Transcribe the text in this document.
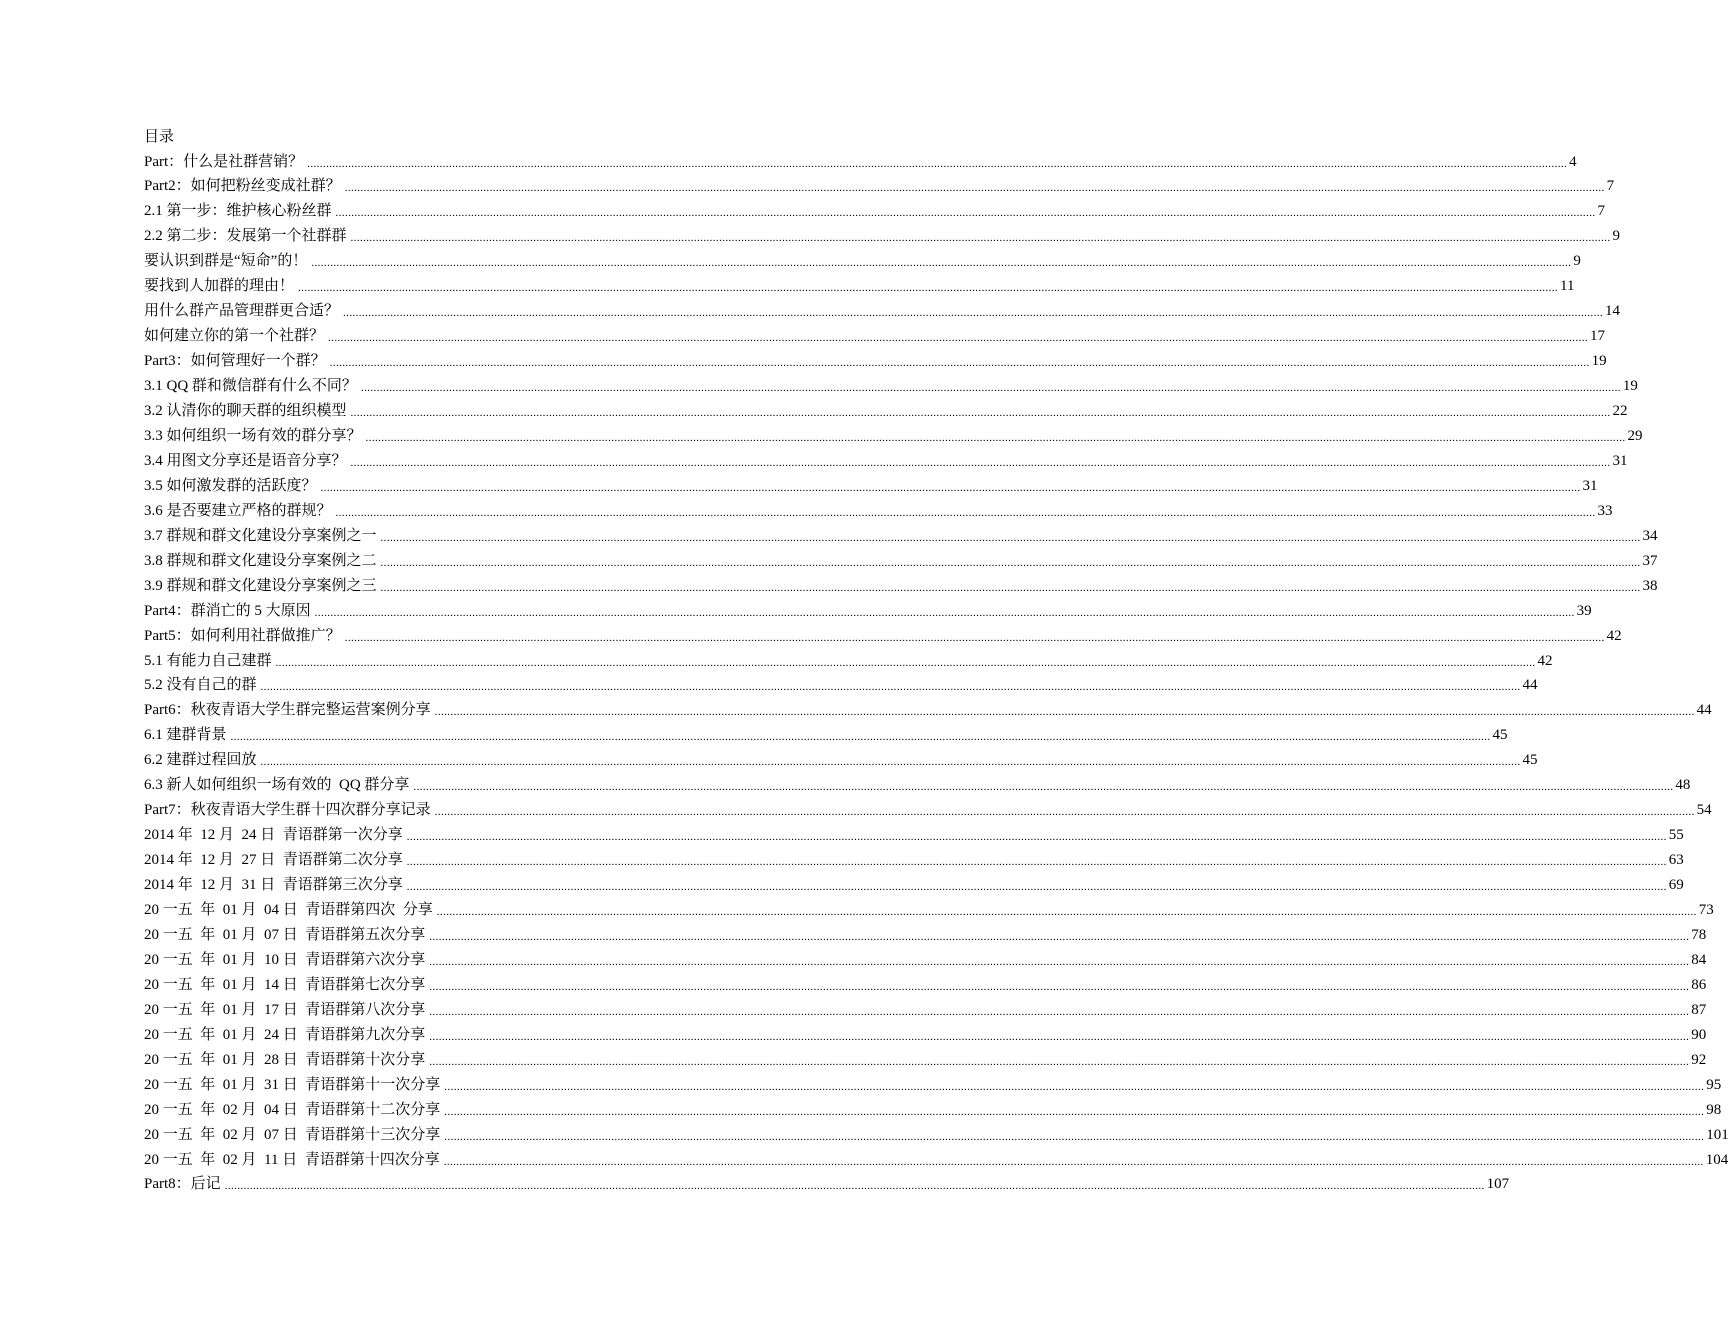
目录
Part：什么是社群营销？ ................................................................................................................................................................................................................................................................................................................................................................................................................ 4
Part2：如何把粉丝变成社群？ ................................................................................................................................................................................................................................................................................................................................................................................................................ 7
2.1 第一步：维护核心粉丝群 ................................................................................................................................................................................................................................................................................................................................................................................................................ 7
2.2 第二步：发展第一个社群群 ................................................................................................................................................................................................................................................................................................................................................................................................................ 9
要认识到群是“短命”的！ ................................................................................................................................................................................................................................................................................................................................................................................................................ 9
要找到人加群的理由！ ................................................................................................................................................................................................................................................................................................................................................................................................................ 11
用什么群产品管理群更合适？ ................................................................................................................................................................................................................................................................................................................................................................................................................ 14
如何建立你的第一个社群？ ................................................................................................................................................................................................................................................................................................................................................................................................................ 17
Part3：如何管理好一个群？ ................................................................................................................................................................................................................................................................................................................................................................................................................ 19
3.1 QQ 群和微信群有什么不同？ ................................................................................................................................................................................................................................................................................................................................................................................................................ 19
3.2 认清你的聊天群的组织模型 ................................................................................................................................................................................................................................................................................................................................................................................................................ 22
3.3 如何组织一场有效的群分享？ ................................................................................................................................................................................................................................................................................................................................................................................................................ 29
3.4 用图文分享还是语音分享？ ................................................................................................................................................................................................................................................................................................................................................................................................................ 31
3.5 如何激发群的活跃度？ ................................................................................................................................................................................................................................................................................................................................................................................................................ 31
3.6 是否要建立严格的群规？ ................................................................................................................................................................................................................................................................................................................................................................................................................ 33
3.7 群规和群文化建设分享案例之一 ................................................................................................................................................................................................................................................................................................................................................................................................................ 34
3.8 群规和群文化建设分享案例之二 ................................................................................................................................................................................................................................................................................................................................................................................................................ 37
3.9 群规和群文化建设分享案例之三 ................................................................................................................................................................................................................................................................................................................................................................................................................ 38
Part4：群消亡的 5 大原因 ................................................................................................................................................................................................................................................................................................................................................................................................................ 39
Part5：如何利用社群做推广？ ................................................................................................................................................................................................................................................................................................................................................................................................................ 42
5.1 有能力自己建群 ................................................................................................................................................................................................................................................................................................................................................................................................................ 42
5.2 没有自己的群 ................................................................................................................................................................................................................................................................................................................................................................................................................ 44
Part6：秋夜青语大学生群完整运营案例分享 ................................................................................................................................................................................................................................................................................................................................................................................................................ 44
6.1 建群背景 ................................................................................................................................................................................................................................................................................................................................................................................................................ 45
6.2 建群过程回放 ................................................................................................................................................................................................................................................................................................................................................................................................................ 45
6.3 新人如何组织一场有效的  QQ 群分享 ................................................................................................................................................................................................................................................................................................................................................................................................................ 48
Part7：秋夜青语大学生群十四次群分享记录 ................................................................................................................................................................................................................................................................................................................................................................................................................ 54
2014 年  12 月  24 日  青语群第一次分享 ................................................................................................................................................................................................................................................................................................................................................................................................................ 55
2014 年  12 月  27 日  青语群第二次分享 ................................................................................................................................................................................................................................................................................................................................................................................................................ 63
2014 年  12 月  31 日  青语群第三次分享 ................................................................................................................................................................................................................................................................................................................................................................................................................ 69
20 一五  年  01 月  04 日  青语群第四次  分享 ................................................................................................................................................................................................................................................................................................................................................................................................................ 73
20 一五  年  01 月  07 日  青语群第五次分享 ................................................................................................................................................................................................................................................................................................................................................................................................................ 78
20 一五  年  01 月  10 日  青语群第六次分享 ................................................................................................................................................................................................................................................................................................................................................................................................................ 84
20 一五  年  01 月  14 日  青语群第七次分享 ................................................................................................................................................................................................................................................................................................................................................................................................................ 86
20 一五  年  01 月  17 日  青语群第八次分享 ................................................................................................................................................................................................................................................................................................................................................................................................................ 87
20 一五  年  01 月  24 日  青语群第九次分享 ................................................................................................................................................................................................................................................................................................................................................................................................................ 90
20 一五  年  01 月  28 日  青语群第十次分享 ................................................................................................................................................................................................................................................................................................................................................................................................................ 92
20 一五  年  01 月  31 日  青语群第十一次分享 ................................................................................................................................................................................................................................................................................................................................................................................................................ 95
20 一五  年  02 月  04 日  青语群第十二次分享 ................................................................................................................................................................................................................................................................................................................................................................................................................ 98
20 一五  年  02 月  07 日  青语群第十三次分享 ................................................................................................................................................................................................................................................................................................................................................................................................................ 101
20 一五  年  02 月  11 日  青语群第十四次分享 ................................................................................................................................................................................................................................................................................................................................................................................................................ 104
Part8：后记 ................................................................................................................................................................................................................................................................................................................................................................................................................ 107
